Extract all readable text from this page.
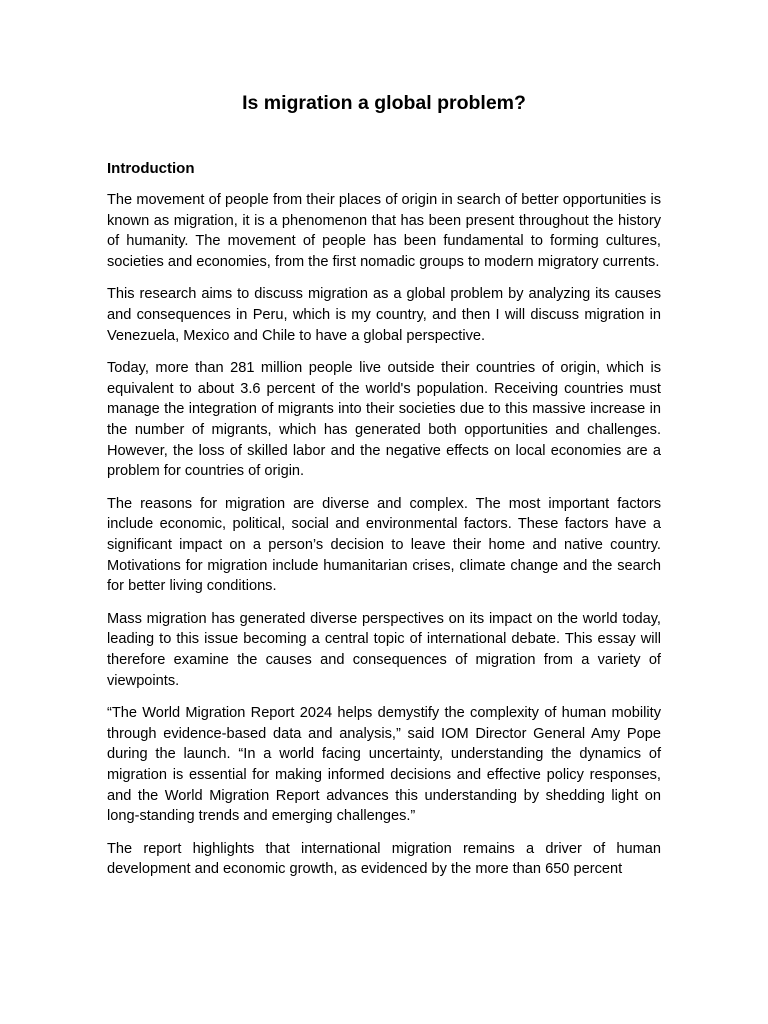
Is migration a global problem?
Introduction

The movement of people from their places of origin in search of better opportunities is known as migration, it is a phenomenon that has been present throughout the history of humanity. The movement of people has been fundamental to forming cultures, societies and economies, from the first nomadic groups to modern migratory currents.

This research aims to discuss migration as a global problem by analyzing its causes and consequences in Peru, which is my country, and then I will discuss migration in Venezuela, Mexico and Chile to have a global perspective.

Today, more than 281 million people live outside their countries of origin, which is equivalent to about 3.6 percent of the world's population. Receiving countries must manage the integration of migrants into their societies due to this massive increase in the number of migrants, which has generated both opportunities and challenges. However, the loss of skilled labor and the negative effects on local economies are a problem for countries of origin.

The reasons for migration are diverse and complex. The most important factors include economic, political, social and environmental factors. These factors have a significant impact on a person’s decision to leave their home and native country. Motivations for migration include humanitarian crises, climate change and the search for better living conditions.

Mass migration has generated diverse perspectives on its impact on the world today, leading to this issue becoming a central topic of international debate. This essay will therefore examine the causes and consequences of migration from a variety of viewpoints.

“The World Migration Report 2024 helps demystify the complexity of human mobility through evidence-based data and analysis,” said IOM Director General Amy Pope during the launch. “In a world facing uncertainty, understanding the dynamics of migration is essential for making informed decisions and effective policy responses, and the World Migration Report advances this understanding by shedding light on long-standing trends and emerging challenges.”

The report highlights that international migration remains a driver of human development and economic growth, as evidenced by the more than 650 percent
